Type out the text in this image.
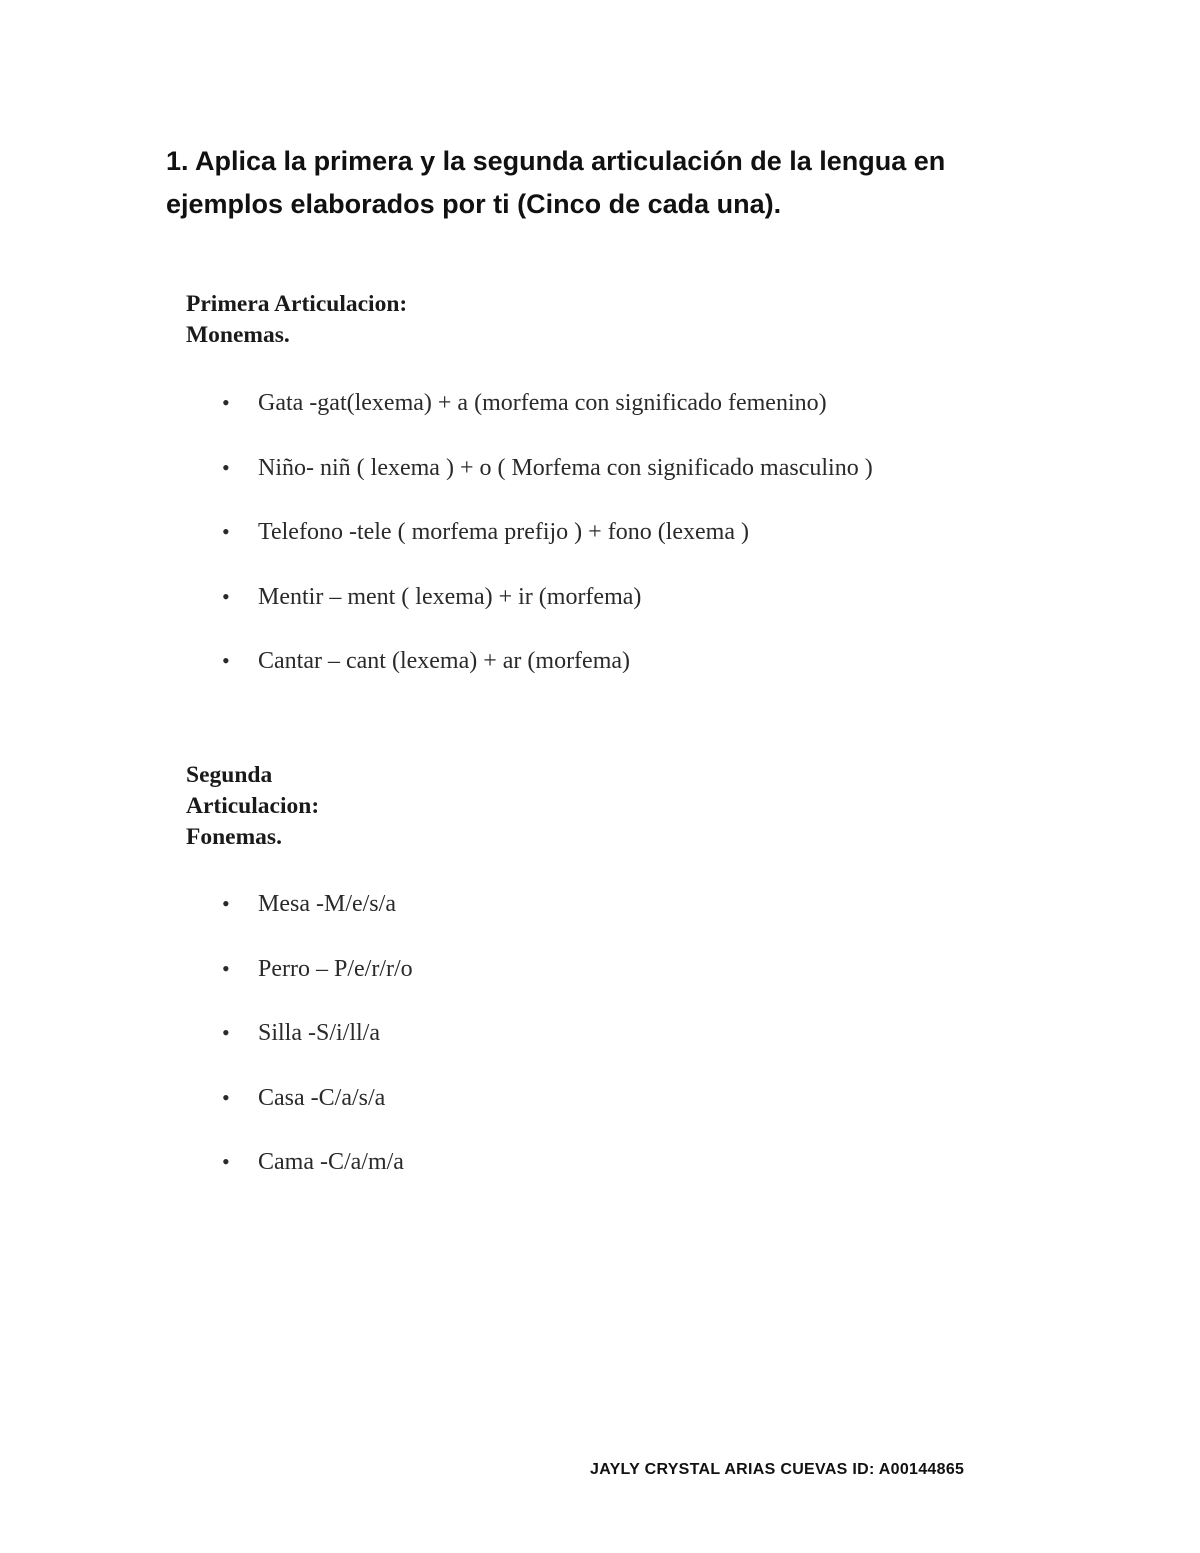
1. Aplica la primera y la segunda articulación de la lengua en
ejemplos elaborados por ti (Cinco de cada una).
Primera Articulacion:
Monemas.
• Gata -gat(lexema) + a (morfema con significado femenino)
• Niño- niñ ( lexema ) + o ( Morfema con significado masculino )
• Telefono -tele ( morfema prefijo ) + fono (lexema )
• Mentir – ment ( lexema) + ir (morfema)
• Cantar – cant (lexema) + ar (morfema)
Segunda
Articulacion:
Fonemas.
• Mesa -M/e/s/a
• Perro – P/e/r/r/o
• Silla -S/i/ll/a
• Casa -C/a/s/a
• Cama -C/a/m/a
JAYLY CRYSTAL ARIAS CUEVAS ID: A00144865
